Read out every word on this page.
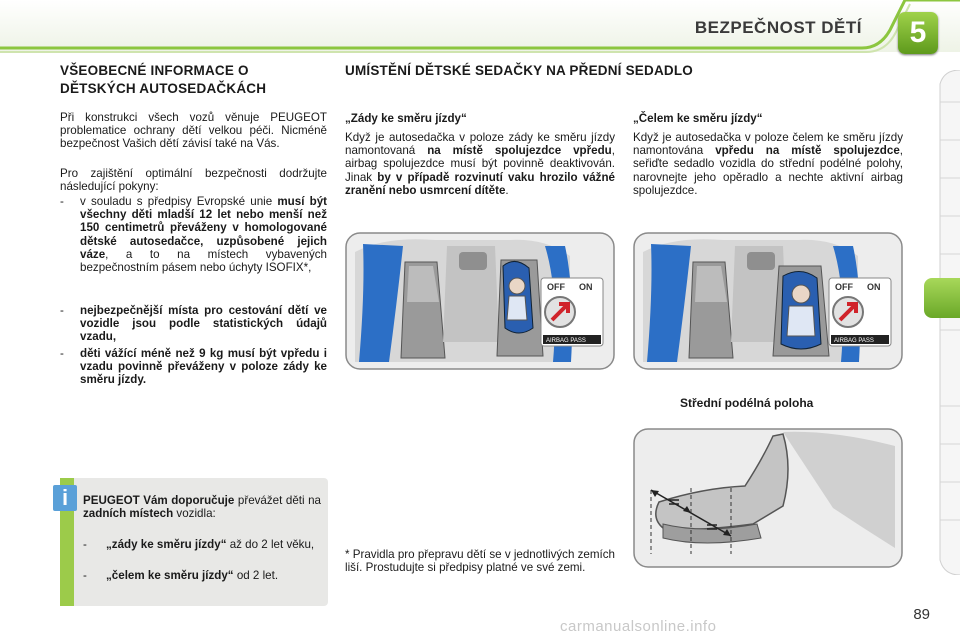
BEZPEČNOST DĚTÍ	5
VŠEOBECNÉ INFORMACE O
DĚTSKÝCH AUTOSEDAČKÁCH
Při konstrukci všech vozů věnuje PEUGEOT problematice ochrany dětí velkou péči. Nicméně bezpečnost Vašich dětí závisí také na Vás.
Pro zajištění optimální bezpečnosti dodržujte následující pokyny:
- v souladu s předpisy Evropské unie musí být všechny děti mladší 12 let nebo menší než 150 centimetrů převáženy v homologované dětské autosedačce, uzpůsobené jejich váze, a to na místech vybavených bezpečnostním pásem nebo úchyty ISOFIX*,
- nejbezpečnější místa pro cestování dětí ve vozidle jsou podle statistických údajů vzadu,
- děti vážící méně než 9 kg musí být vpředu i vzadu povinně převáženy v poloze zády ke směru jízdy.
i	PEUGEOT Vám doporučuje převážet děti na zadních místech vozidla:
- „zády ke směru jízdy“ až do 2 let věku,
- „čelem ke směru jízdy“ od 2 let.
UMÍSTĚNÍ DĚTSKÉ SEDAČKY NA PŘEDNÍ SEDADLO
„Zády ke směru jízdy“
Když je autosedačka v poloze zády ke směru jízdy namontovaná na místě spolujezdce vpředu, airbag spolujezdce musí být povinně deaktivován. Jinak by v případě rozvinutí vaku hrozilo vážné zranění nebo usmrcení dítěte.
„Čelem ke směru jízdy“
Když je autosedačka v poloze čelem ke směru jízdy namontována vpředu na místě spolujezdce, seřiďte sedadlo vozidla do střední podélné polohy, narovnejte jeho opěradlo a nechte aktivní airbag spolujezdce.
OFF ON
AIRBAG PASS
OFF ON
AIRBAG PASS
Střední podélná poloha
* Pravidla pro přepravu dětí se v jednotlivých zemích liší. Prostudujte si předpisy platné ve své zemi.
89
carmanualsonline.info
